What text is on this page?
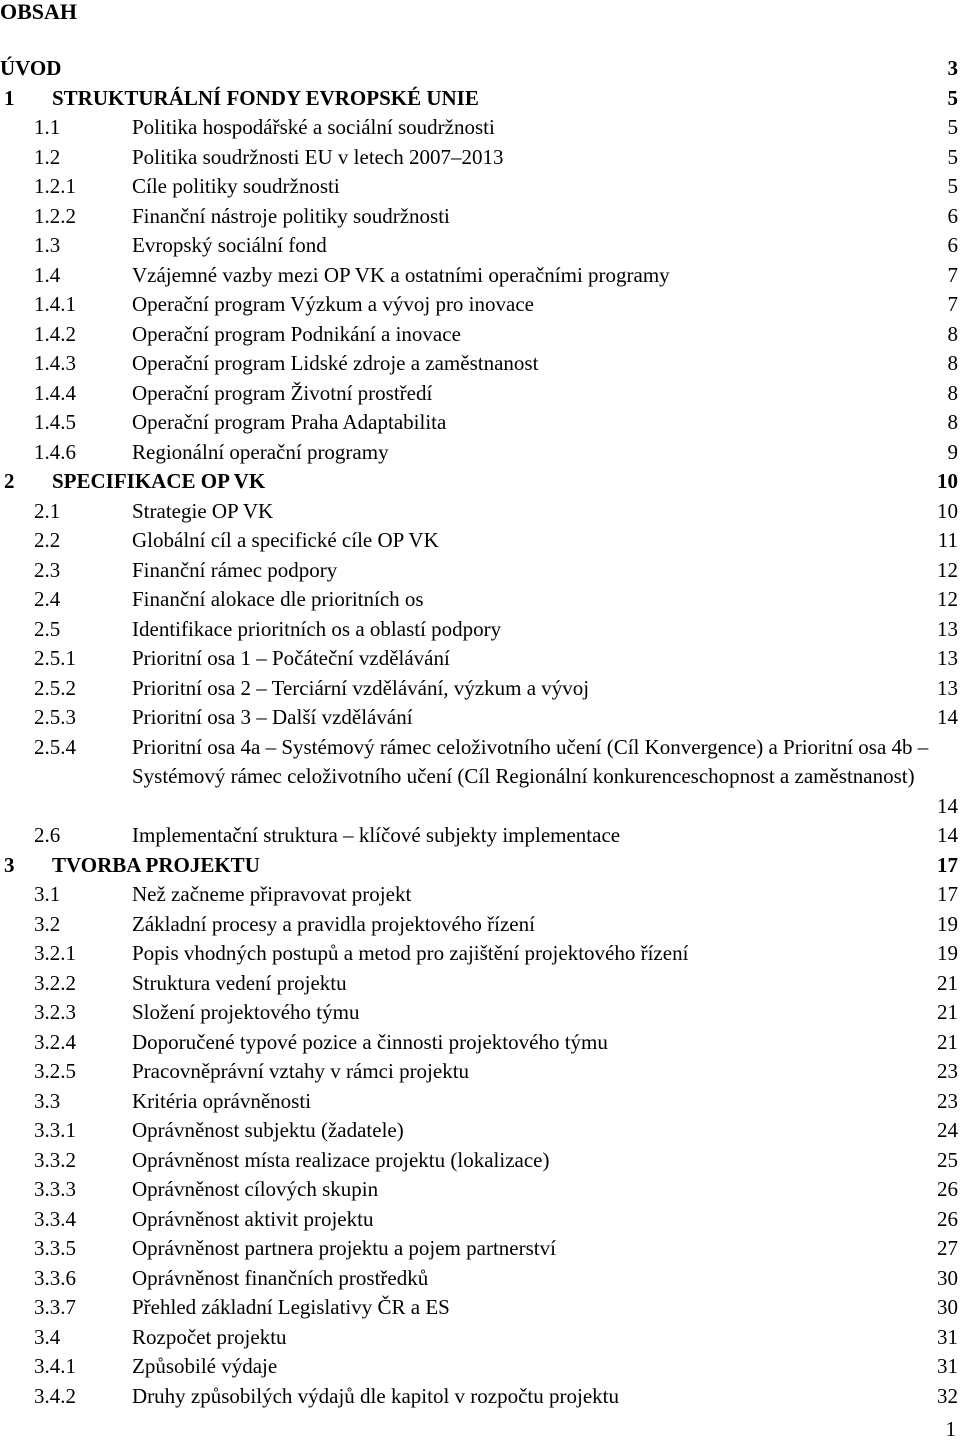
OBSAH
ÚVOD	3
1 STRUKTURÁLNÍ FONDY EVROPSKÉ UNIE	5
1.1	Politika hospodářské a sociální soudržnosti	5
1.2	Politika soudržnosti EU v letech 2007–2013	5
1.2.1	Cíle politiky soudržnosti	5
1.2.2	Finanční nástroje politiky soudržnosti	6
1.3	Evropský sociální fond	6
1.4	Vzájemné vazby mezi OP VK a ostatními operačními programy	7
1.4.1	Operační program Výzkum a vývoj pro inovace	7
1.4.2	Operační program Podnikání a inovace	8
1.4.3	Operační program Lidské zdroje a zaměstnanost	8
1.4.4	Operační program Životní prostředí	8
1.4.5	Operační program Praha Adaptabilita	8
1.4.6	Regionální operační programy	9
2 SPECIFIKACE OP VK	10
2.1	Strategie OP VK	10
2.2	Globální cíl a specifické cíle OP VK	11
2.3	Finanční rámec podpory	12
2.4	Finanční alokace dle prioritních os	12
2.5	Identifikace prioritních os a oblastí podpory	13
2.5.1	Prioritní osa 1 – Počáteční vzdělávání	13
2.5.2	Prioritní osa 2 – Terciární vzdělávání, výzkum a vývoj	13
2.5.3	Prioritní osa 3 – Další vzdělávání	14
2.5.4	Prioritní osa 4a – Systémový rámec celoživotního učení (Cíl Konvergence) a Prioritní osa 4b – Systémový rámec celoživotního učení (Cíl Regionální konkurenceschopnost a zaměstnanost)
14
2.6	Implementační struktura – klíčové subjekty implementace	14
3 TVORBA PROJEKTU	17
3.1	Než začneme připravovat projekt	17
3.2	Základní procesy a pravidla projektového řízení	19
3.2.1	Popis vhodných postupů a metod pro zajištění projektového řízení	19
3.2.2	Struktura vedení projektu	21
3.2.3	Složení projektového týmu	21
3.2.4	Doporučené typové pozice a činnosti projektového týmu	21
3.2.5	Pracovněprávní vztahy v rámci projektu	23
3.3	Kritéria oprávněnosti	23
3.3.1	Oprávněnost subjektu (žadatele)	24
3.3.2	Oprávněnost místa realizace projektu (lokalizace)	25
3.3.3	Oprávněnost cílových skupin	26
3.3.4	Oprávněnost aktivit projektu	26
3.3.5	Oprávněnost partnera projektu a pojem partnerství	27
3.3.6	Oprávněnost finančních prostředků	30
3.3.7	Přehled základní Legislativy ČR a ES	30
3.4	Rozpočet projektu	31
3.4.1	Způsobilé výdaje	31
3.4.2	Druhy způsobilých výdajů dle kapitol v rozpočtu projektu	32
1
